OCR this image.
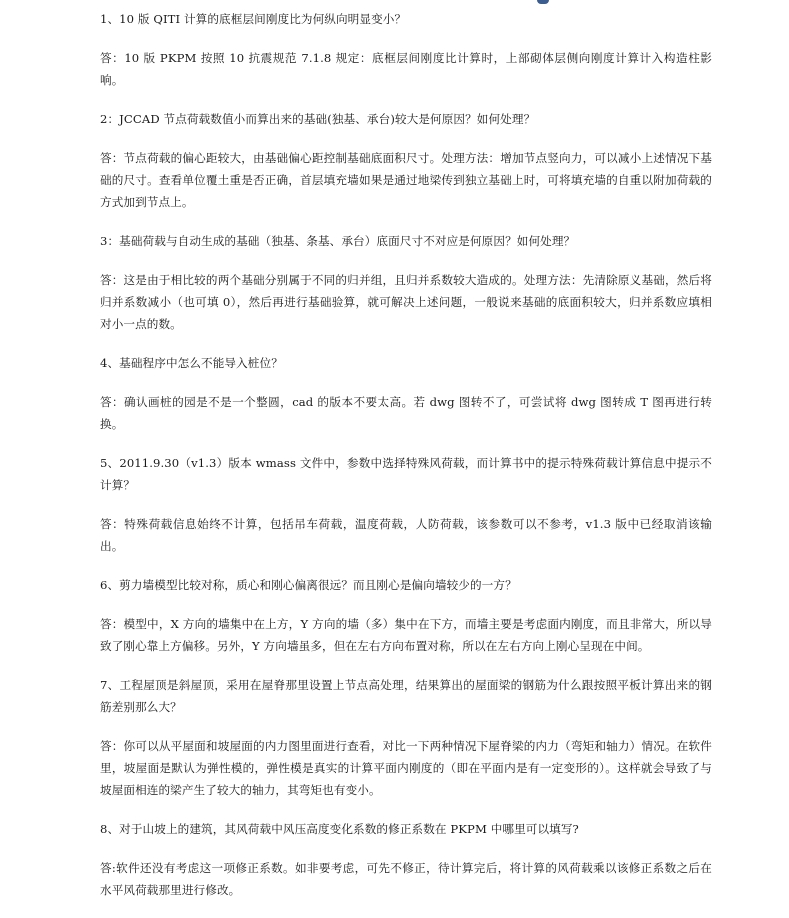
1、10 版 QITI 计算的底框层间刚度比为何纵向明显变小？

答：10 版 PKPM 按照 10 抗震规范 7.1.8 规定：底框层间刚度比计算时，上部砌体层侧向刚度计算计入构造柱影响。

2：JCCAD 节点荷载数值小而算出来的基础(独基、承台)较大是何原因？如何处理？

答：节点荷载的偏心距较大，由基础偏心距控制基础底面积尺寸。处理方法：增加节点竖向力，可以减小上述情况下基础的尺寸。查看单位覆土重是否正确，首层填充墙如果是通过地梁传到独立基础上时，可将填充墙的自重以附加荷载的方式加到节点上。

3：基础荷载与自动生成的基础（独基、条基、承台）底面尺寸不对应是何原因？如何处理？

答：这是由于相比较的两个基础分别属于不同的归并组，且归并系数较大造成的。处理方法：先清除原义基础，然后将归并系数减小（也可填 0），然后再进行基础验算，就可解决上述问题，一般说来基础的底面积较大，归并系数应填相对小一点的数。

4、基础程序中怎么不能导入桩位？

答：确认画桩的园是不是一个整圆，cad 的版本不要太高。若 dwg 图转不了，可尝试将 dwg 图转成 T 图再进行转换。

5、2011.9.30（v1.3）版本 wmass 文件中，参数中选择特殊风荷载，而计算书中的提示特殊荷载计算信息中提示不计算？

答：特殊荷载信息始终不计算，包括吊车荷载，温度荷载，人防荷载，该参数可以不参考，v1.3 版中已经取消该输出。

6、剪力墙模型比较对称，质心和刚心偏离很远？而且刚心是偏向墙较少的一方？

答：模型中，X 方向的墙集中在上方，Y 方向的墙（多）集中在下方，而墙主要是考虑面内刚度，而且非常大，所以导致了刚心靠上方偏移。另外，Y 方向墙虽多，但在左右方向布置对称，所以在左右方向上刚心呈现在中间。

7、工程屋顶是斜屋顶，采用在屋脊那里设置上节点高处理，结果算出的屋面梁的钢筋为什么跟按照平板计算出来的钢筋差别那么大？

答：你可以从平屋面和坡屋面的内力图里面进行查看，对比一下两种情况下屋脊梁的内力（弯矩和轴力）情况。在软件里，坡屋面是默认为弹性模的，弹性模是真实的计算平面内刚度的（即在平面内是有一定变形的）。这样就会导致了与坡屋面相连的梁产生了较大的轴力，其弯矩也有变小。

8、对于山坡上的建筑，其风荷载中风压高度变化系数的修正系数在 PKPM 中哪里可以填写?

答:软件还没有考虑这一项修正系数。如非要考虑，可先不修正，待计算完后，将计算的风荷载乘以该修正系数之后在水平风荷载那里进行修改。
